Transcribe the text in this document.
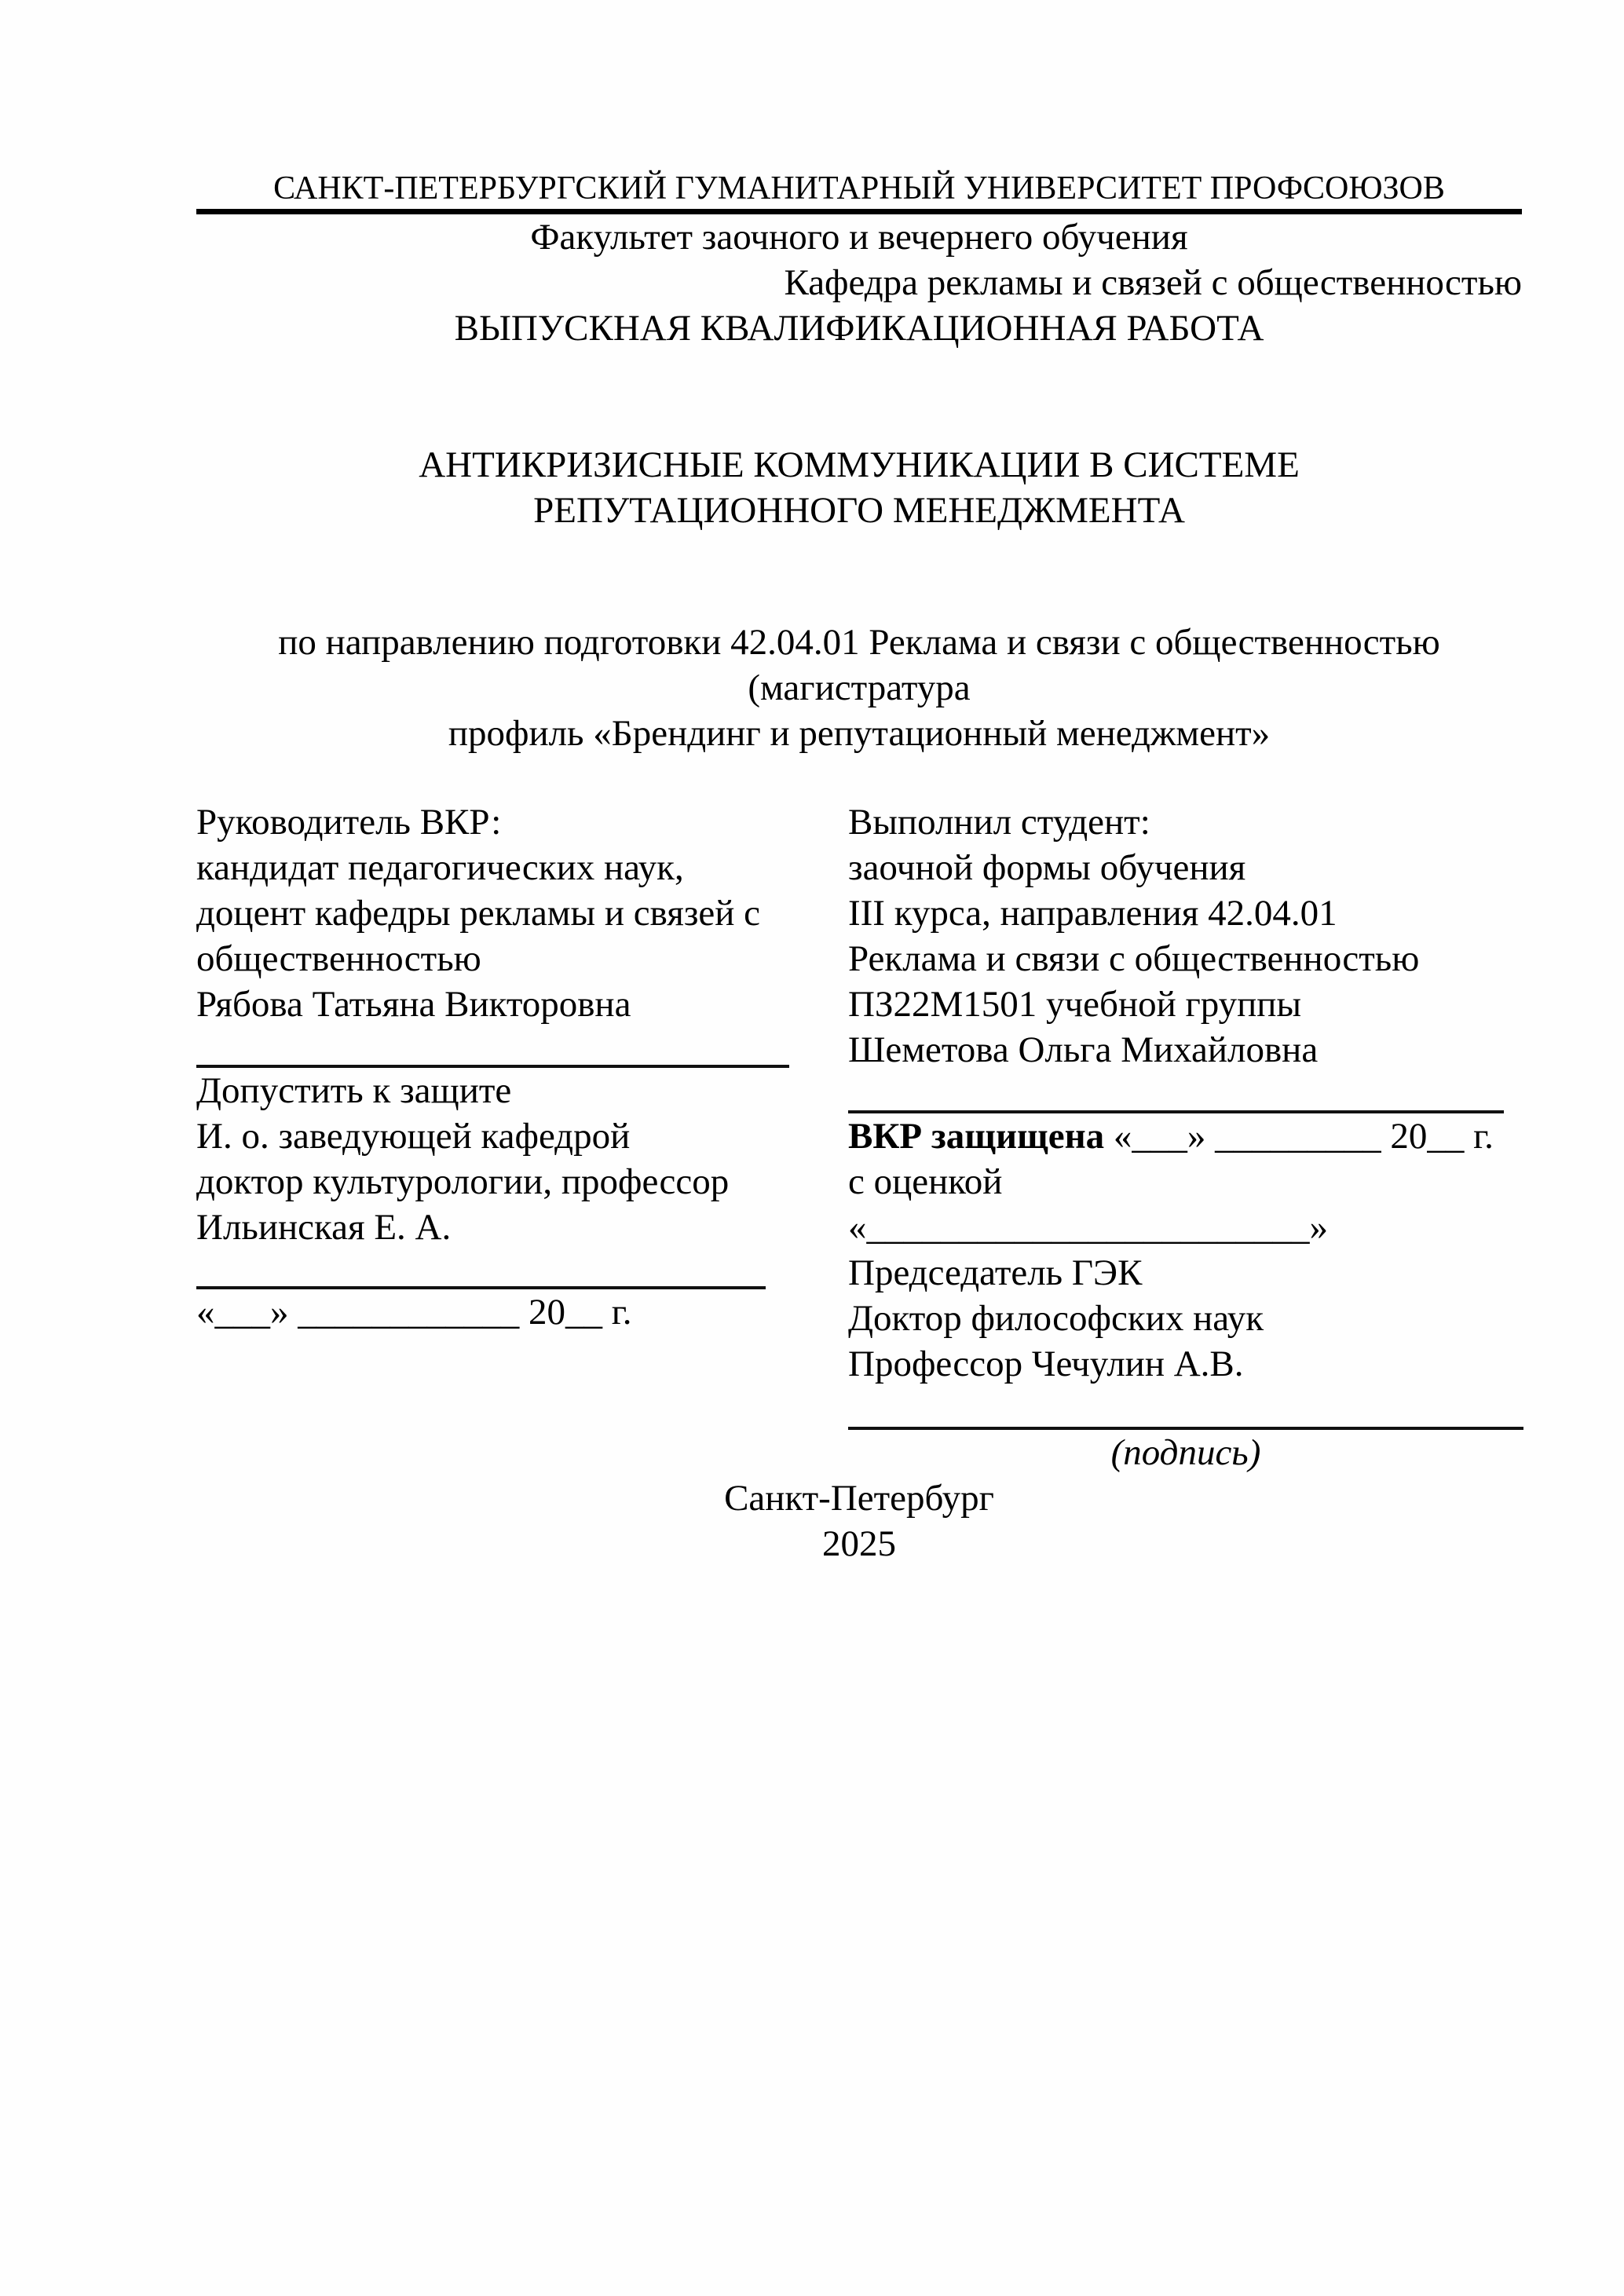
САНКТ-ПЕТЕРБУРГСКИЙ ГУМАНИТАРНЫЙ УНИВЕРСИТЕТ ПРОФСОЮЗОВ

Факультет заочного и вечернего обучения

Кафедра рекламы и связей с общественностью

ВЫПУСКНАЯ КВАЛИФИКАЦИОННАЯ РАБОТА

АНТИКРИЗИСНЫЕ КОММУНИКАЦИИ В СИСТЕМЕ

РЕПУТАЦИОННОГО МЕНЕДЖМЕНТА

по направлению подготовки 42.04.01 Реклама и связи с общественностью

(магистратура

профиль «Брендинг и репутационный менеджмент»

Руководитель ВКР:

кандидат педагогических наук,

доцент кафедры рекламы и связей с

общественностью

Рябова Татьяна Викторовна

Допустить к защите

И. о. заведующей кафедрой

доктор культурологии, профессор

Ильинская Е. А.

«___» ____________ 20__ г.

Выполнил студент:

заочной формы обучения

III курса, направления 42.04.01

Реклама и связи с общественностью

ПЗ22М1501 учебной группы

Шеметова Ольга Михайловна

ВКР защищена «___» _________ 20__ г.

с оценкой

«________________________»

Председатель ГЭК

Доктор философских наук

Профессор Чечулин А.В.

(подпись)

Санкт-Петербург

2025
